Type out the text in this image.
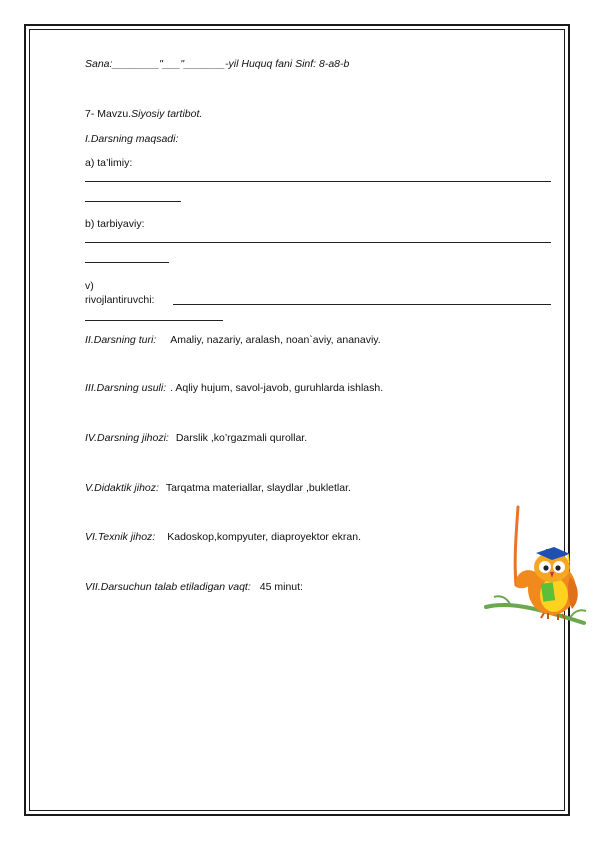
Sana:________"___"_______-yil Huquq fani Sinf: 8-a8-b
7- Mavzu.Siyosiy tartibot.
I.Darsning maqsadi:
a) ta’limiy:
b) tarbiyaviy:
v)
rivojlantiruvchi:
II.Darsning turi: Amaliy, nazariy, aralash, noan`aviy, ananaviy.
III.Darsning usuli: . Aqliy hujum, savol-javob, guruhlarda ishlash.
IV.Darsning jihozi: Darslik ,ko’rgazmali qurollar.
V.Didaktik jihoz: Tarqatma materiallar, slaydlar ,bukletlar.
VI.Texnik jihoz: Kadoskop,kompyuter, diaproyektor ekran.
VII.Darsuchun talab etiladigan vaqt: 45 minut:
